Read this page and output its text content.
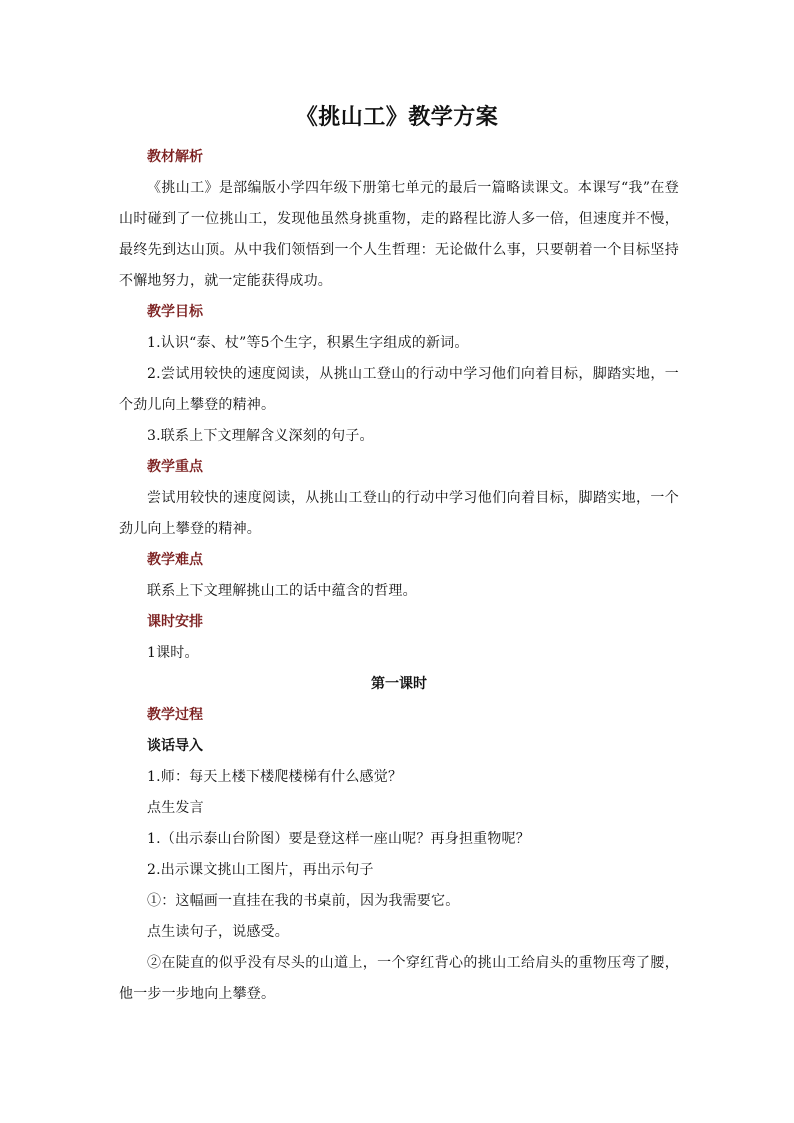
《挑山工》教学方案

教材解析

《挑山工》是部编版小学四年级下册第七单元的最后一篇略读课文。本课写“我”在登山时碰到了一位挑山工，发现他虽然身挑重物，走的路程比游人多一倍，但速度并不慢，最终先到达山顶。从中我们领悟到一个人生哲理：无论做什么事，只要朝着一个目标坚持不懈地努力，就一定能获得成功。

教学目标

1.认识“泰、杖”等5个生字，积累生字组成的新词。

2.尝试用较快的速度阅读，从挑山工登山的行动中学习他们向着目标，脚踏实地，一个劲儿向上攀登的精神。

3.联系上下文理解含义深刻的句子。

教学重点

尝试用较快的速度阅读，从挑山工登山的行动中学习他们向着目标，脚踏实地，一个劲儿向上攀登的精神。

教学难点

联系上下文理解挑山工的话中蕴含的哲理。

课时安排

1课时。

第一课时

教学过程

谈话导入

1.师：每天上楼下楼爬楼梯有什么感觉？

点生发言

1.（出示泰山台阶图）要是登这样一座山呢？再身担重物呢？

2.出示课文挑山工图片，再出示句子

①：这幅画一直挂在我的书桌前，因为我需要它。

点生读句子，说感受。

②在陡直的似乎没有尽头的山道上，一个穿红背心的挑山工给肩头的重物压弯了腰，他一步一步地向上攀登。
